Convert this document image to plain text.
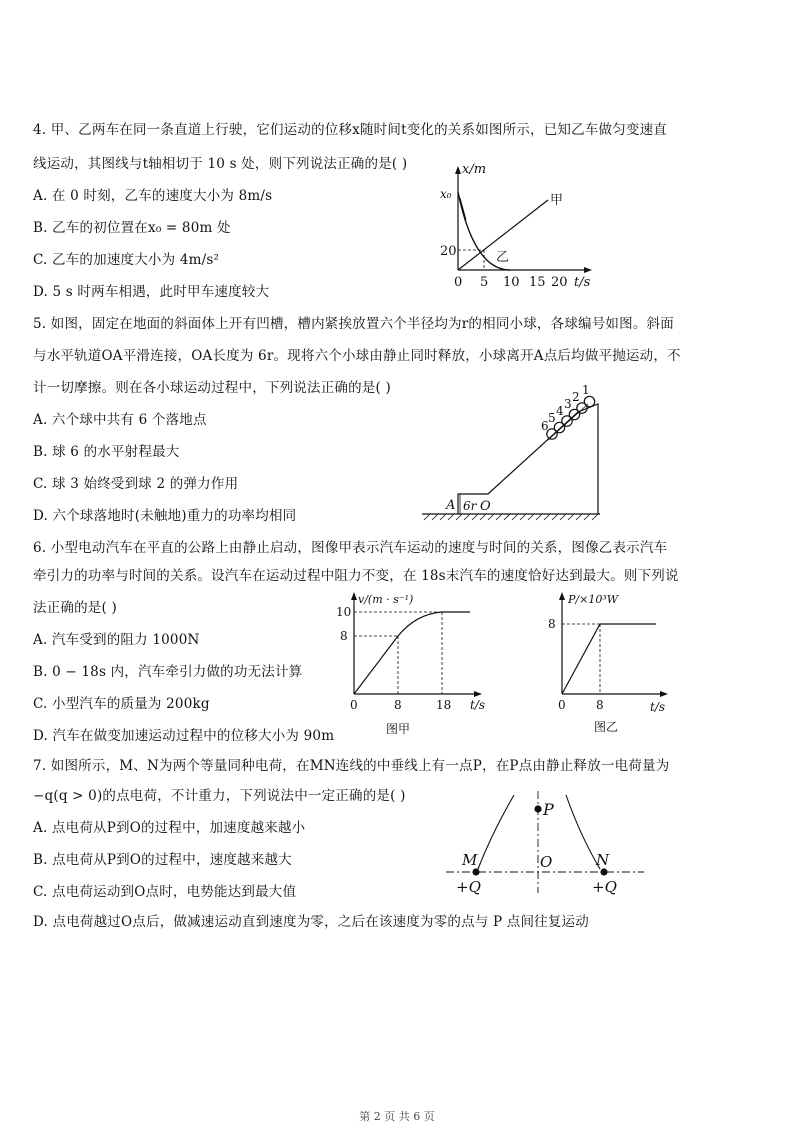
4. 甲、乙两车在同一条直道上行驶，它们运动的位移x随时间t变化的关系如图所示，已知乙车做匀变速直
线运动，其图线与t轴相切于 10 s 处，则下列说法正确的是( )
A. 在 0 时刻，乙车的速度大小为 8m/s
B. 乙车的初位置在x₀ = 80m 处
C. 乙车的加速度大小为 4m/s²
D. 5 s 时两车相遇，此时甲车速度较大
x/m
x₀
20
甲
乙
0 5 10 15 20 t/s
5. 如图，固定在地面的斜面体上开有凹槽，槽内紧挨放置六个半径均为r的相同小球，各球编号如图。斜面
与水平轨道OA平滑连接，OA长度为 6r。现将六个小球由静止同时释放，小球离开A点后均做平抛运动，不
计一切摩擦。则在各小球运动过程中，下列说法正确的是( )
A. 六个球中共有 6 个落地点
B. 球 6 的水平射程最大
C. 球 3 始终受到球 2 的弹力作用
D. 六个球落地时(未触地)重力的功率均相同
6
5 4 3 2 1
A 6r O
6. 小型电动汽车在平直的公路上由静止启动，图像甲表示汽车运动的速度与时间的关系，图像乙表示汽车
牵引力的功率与时间的关系。设汽车在运动过程中阻力不变，在 18s末汽车的速度恰好达到最大。则下列说
法正确的是( )
A. 汽车受到的阻力 1000N
B. 0 − 18s 内，汽车牵引力做的功无法计算
C. 小型汽车的质量为 200kg
D. 汽车在做变加速运动过程中的位移大小为 90m
v/(m · s⁻¹)
10
8
0	8	18 t/s
图甲
P/×10³W
8
0	8	t/s
图乙
7. 如图所示，M、N为两个等量同种电荷，在MN连线的中垂线上有一点P，在P点由静止释放一电荷量为
−q(q > 0)的点电荷，不计重力，下列说法中一定正确的是( )
A. 点电荷从P到O的过程中，加速度越来越小
B. 点电荷从P到O的过程中，速度越来越大
C. 点电荷运动到O点时，电势能达到最大值
D. 点电荷越过O点后，做减速运动直到速度为零，之后在该速度为零的点与 P 点间往复运动
P
O
M	N
+Q	+Q
第 2 页 共 6 页
